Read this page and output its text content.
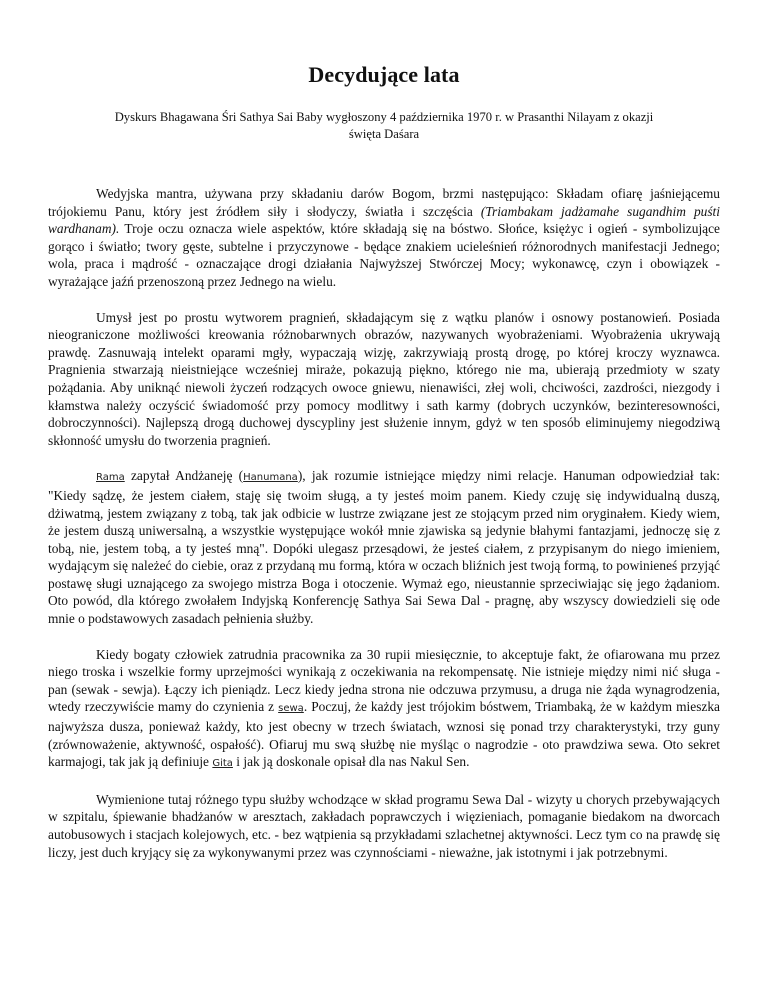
Decydujące lata
Dyskurs Bhagawana Śri Sathya Sai Baby wygłoszony 4 października 1970 r. w Prasanthi Nilayam z okazji święta Daśara

Wedyjska mantra, używana przy składaniu darów Bogom, brzmi następująco: Składam ofiarę jaśniejącemu trójokiemu Panu, który jest źródłem siły i słodyczy, światła i szczęścia (Triambakam jadżamahe sugandhim puśti wardhanam). Troje oczu oznacza wiele aspektów, które składają się na bóstwo. Słońce, księżyc i ogień - symbolizujące gorąco i światło; twory gęste, subtelne i przyczynowe - będące znakiem ucieleśnień różnorodnych manifestacji Jednego; wola, praca i mądrość - oznaczające drogi działania Najwyższej Stwórczej Mocy; wykonawcę, czyn i obowiązek - wyrażające jaźń przenoszoną przez Jednego na wielu.

Umysł jest po prostu wytworem pragnień, składającym się z wątku planów i osnowy postanowień. Posiada nieograniczone możliwości kreowania różnobarwnych obrazów, nazywanych wyobrażeniami. Wyobrażenia ukrywają prawdę. Zasnuwają intelekt oparami mgły, wypaczają wizję, zakrzywiają prostą drogę, po której kroczy wyznawca. Pragnienia stwarzają nieistniejące wcześniej miraże, pokazują piękno, którego nie ma, ubierają przedmioty w szaty pożądania. Aby uniknąć niewoli życzeń rodzących owoce gniewu, nienawiści, złej woli, chciwości, zazdrości, niezgody i kłamstwa należy oczyścić świadomość przy pomocy modlitwy i sath karmy (dobrych uczynków, bezinteresowności, dobroczynności). Najlepszą drogą duchowej dyscypliny jest służenie innym, gdyż w ten sposób eliminujemy niegodziwą skłonność umysłu do tworzenia pragnień.

Rama zapytał Andżaneję (Hanumana), jak rozumie istniejące między nimi relacje. Hanuman odpowiedział tak: "Kiedy sądzę, że jestem ciałem, staję się twoim sługą, a ty jesteś moim panem. Kiedy czuję się indywidualną duszą, dżiwatmą, jestem związany z tobą, tak jak odbicie w lustrze związane jest ze stojącym przed nim oryginałem. Kiedy wiem, że jestem duszą uniwersalną, a wszystkie występujące wokół mnie zjawiska są jedynie błahymi fantazjami, jednoczę się z tobą, nie, jestem tobą, a ty jesteś mną". Dopóki ulegasz przesądowi, że jesteś ciałem, z przypisanym do niego imieniem, wydającym się należeć do ciebie, oraz z przydaną mu formą, która w oczach bliźnich jest twoją formą, to powinieneś przyjąć postawę sługi uznającego za swojego mistrza Boga i otoczenie. Wymaż ego, nieustannie sprzeciwiając się jego żądaniom. Oto powód, dla którego zwołałem Indyjską Konferencję Sathya Sai Sewa Dal - pragnę, aby wszyscy dowiedzieli się ode mnie o podstawowych zasadach pełnienia służby.

Kiedy bogaty człowiek zatrudnia pracownika za 30 rupii miesięcznie, to akceptuje fakt, że ofiarowana mu przez niego troska i wszelkie formy uprzejmości wynikają z oczekiwania na rekompensatę. Nie istnieje między nimi nić sługa - pan (sewak - sewja). Łączy ich pieniądz. Lecz kiedy jedna strona nie odczuwa przymusu, a druga nie żąda wynagrodzenia, wtedy rzeczywiście mamy do czynienia z sewą. Poczuj, że każdy jest trójokim bóstwem, Triambaką, że w każdym mieszka najwyższa dusza, ponieważ każdy, kto jest obecny w trzech światach, wznosi się ponad trzy charakterystyki, trzy guny (zrównoważenie, aktywność, ospałość). Ofiaruj mu swą służbę nie myśląc o nagrodzie - oto prawdziwa sewa. Oto sekret karmajogi, tak jak ją definiuje Gita i jak ją doskonale opisał dla nas Nakul Sen.

Wymienione tutaj różnego typu służby wchodzące w skład programu Sewa Dal - wizyty u chorych przebywających w szpitalu, śpiewanie bhadżanów w aresztach, zakładach poprawczych i więzieniach, pomaganie biedakom na dworcach autobusowych i stacjach kolejowych, etc. - bez wątpienia są przykładami szlachetnej aktywności. Lecz tym co na prawdę się liczy, jest duch kryjący się za wykonywanymi przez was czynnościami - nieważne, jak istotnymi i jak potrzebnymi.
